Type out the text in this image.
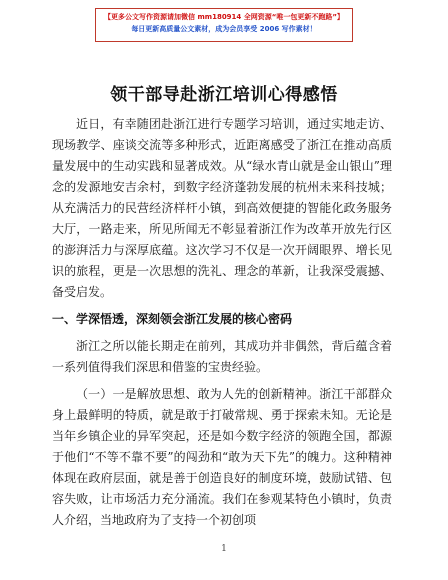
【更多公文写作资源请加微信 mm180914 全网资源“唯一包更新不跑路”】
每日更新高质量公文素材，成为会员享受 2006 写作素材！
领干部导赴浙江培训心得感悟

近日，有幸随团赴浙江进行专题学习培训，通过实地走访、现场教学、座谈交流等多种形式，近距离感受了浙江在推动高质量发展中的生动实践和显著成效。从“绿水青山就是金山银山”理念的发源地安吉余村，到数字经济蓬勃发展的杭州未来科技城；从充满活力的民营经济样杆小镇，到高效便捷的智能化政务服务大厅，一路走来，所见所闻无不彰显着浙江作为改革开放先行区的澎湃活力与深厚底蕴。这次学习不仅是一次开阔眼界、增长见识的旅程，更是一次思想的洗礼、理念的革新，让我深受震撼、备受启发。

一、学深悟透，深刻领会浙江发展的核心密码

浙江之所以能长期走在前列，其成功并非偶然，背后蕴含着一系列值得我们深思和借鉴的宝贵经验。

（一）一是解放思想、敢为人先的创新精神。浙江干部群众身上最鲜明的特质，就是敢于打破常规、勇于探索未知。无论是当年乡镇企业的异军突起，还是如今数字经济的领跑全国，都源于他们“不等不靠不要”的闯劲和“敢为天下先”的魄力。这种精神体现在政府层面，就是善于创造良好的制度环境，鼓励试错、包容失败，让市场活力充分涌流。我们在参观某特色小镇时，负责人介绍，当地政府为了支持一个初创项

1
